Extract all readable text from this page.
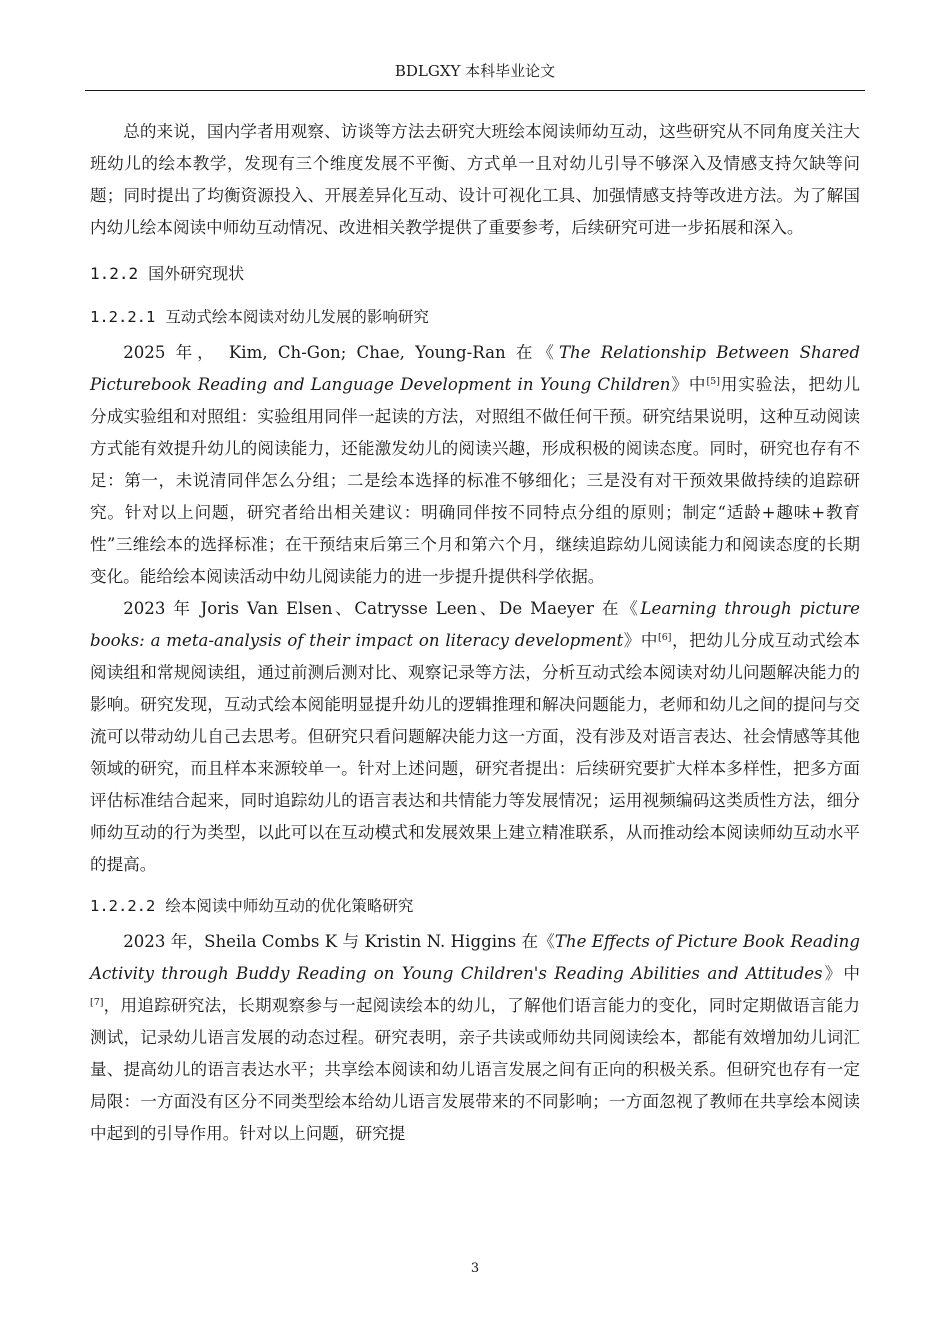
BDLGXY 本科毕业论文

总的来说，国内学者用观察、访谈等方法去研究大班绘本阅读师幼互动，这些研究从不同角度关注大班幼儿的绘本教学，发现有三个维度发展不平衡、方式单一且对幼儿引导不够深入及情感支持欠缺等问题；同时提出了均衡资源投入、开展差异化互动、设计可视化工具、加强情感支持等改进方法。为了解国内幼儿绘本阅读中师幼互动情况、改进相关教学提供了重要参考，后续研究可进一步拓展和深入。

1.2.2 国外研究现状
1.2.2.1 互动式绘本阅读对幼儿发展的影响研究

2025 年， Kim, Ch-Gon; Chae, Young-Ran 在《The Relationship Between Shared Picturebook Reading and Language Development in Young Children》中[5]用实验法，把幼儿分成实验组和对照组：实验组用同伴一起读的方法，对照组不做任何干预。研究结果说明，这种互动阅读方式能有效提升幼儿的阅读能力，还能激发幼儿的阅读兴趣，形成积极的阅读态度。同时，研究也存有不足：第一，未说清同伴怎么分组；二是绘本选择的标准不够细化；三是没有对干预效果做持续的追踪研究。针对以上问题，研究者给出相关建议：明确同伴按不同特点分组的原则；制定“适龄+趣味+教育性”三维绘本的选择标准；在干预结束后第三个月和第六个月，继续追踪幼儿阅读能力和阅读态度的长期变化。能给绘本阅读活动中幼儿阅读能力的进一步提升提供科学依据。

2023 年 Joris Van Elsen、Catrysse Leen、De Maeyer 在《Learning through picture books: a meta-analysis of their impact on literacy development》中[6]，把幼儿分成互动式绘本阅读组和常规阅读组，通过前测后测对比、观察记录等方法，分析互动式绘本阅读对幼儿问题解决能力的影响。研究发现，互动式绘本阅能明显提升幼儿的逻辑推理和解决问题能力，老师和幼儿之间的提问与交流可以带动幼儿自己去思考。但研究只看问题解决能力这一方面，没有涉及对语言表达、社会情感等其他领域的研究，而且样本来源较单一。针对上述问题，研究者提出：后续研究要扩大样本多样性，把多方面评估标准结合起来，同时追踪幼儿的语言表达和共情能力等发展情况；运用视频编码这类质性方法，细分师幼互动的行为类型，以此可以在互动模式和发展效果上建立精准联系，从而推动绘本阅读师幼互动水平的提高。

1.2.2.2 绘本阅读中师幼互动的优化策略研究

2023 年，Sheila Combs K 与 Kristin N. Higgins 在《The Effects of Picture Book Reading Activity through Buddy Reading on Young Children's Reading Abilities and Attitudes》中[7]，用追踪研究法，长期观察参与一起阅读绘本的幼儿，了解他们语言能力的变化，同时定期做语言能力测试，记录幼儿语言发展的动态过程。研究表明，亲子共读或师幼共同阅读绘本，都能有效增加幼儿词汇量、提高幼儿的语言表达水平；共享绘本阅读和幼儿语言发展之间有正向的积极关系。但研究也存有一定局限：一方面没有区分不同类型绘本给幼儿语言发展带来的不同影响；一方面忽视了教师在共享绘本阅读中起到的引导作用。针对以上问题，研究提

3
